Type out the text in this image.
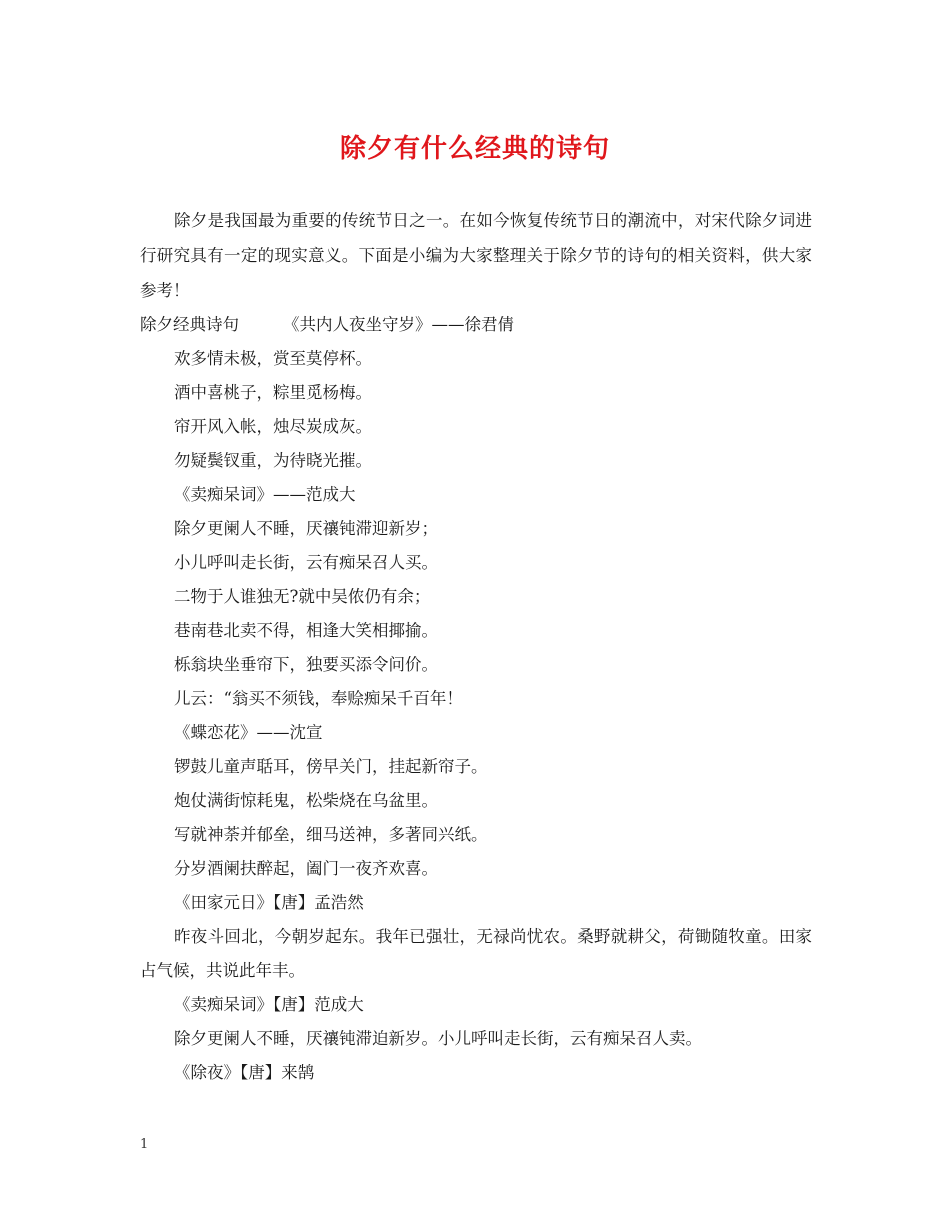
除夕有什么经典的诗句

除夕是我国最为重要的传统节日之一。在如今恢复传统节日的潮流中，对宋代除夕词进行研究具有一定的现实意义。下面是小编为大家整理关于除夕节的诗句的相关资料，供大家参考！

除夕经典诗句	《共内人夜坐守岁》——徐君倩

欢多情未极，赏至莫停杯。

酒中喜桃子，粽里觅杨梅。

帘开风入帐，烛尽炭成灰。

勿疑鬓钗重，为待晓光摧。

《卖痴呆词》——范成大

除夕更阑人不睡，厌禳钝滞迎新岁；

小儿呼叫走长街，云有痴呆召人买。

二物于人谁独无?就中吴侬仍有余；

巷南巷北卖不得，相逢大笑相揶揄。

栎翁块坐垂帘下，独要买添令问价。

儿云：“翁买不须钱，奉赊痴呆千百年！

《蝶恋花》——沈宣

锣鼓儿童声聒耳，傍早关门，挂起新帘子。

炮仗满街惊耗鬼，松柴烧在乌盆里。

写就神荼并郁垒，细马送神，多著同兴纸。

分岁酒阑扶醉起，阖门一夜齐欢喜。

《田家元日》【唐】孟浩然

昨夜斗回北，今朝岁起东。我年已强壮，无禄尚忧农。桑野就耕父，荷锄随牧童。田家占气候，共说此年丰。

《卖痴呆词》【唐】范成大

除夕更阑人不睡，厌禳钝滞迫新岁。小儿呼叫走长街，云有痴呆召人卖。

《除夜》【唐】来鹄

1
